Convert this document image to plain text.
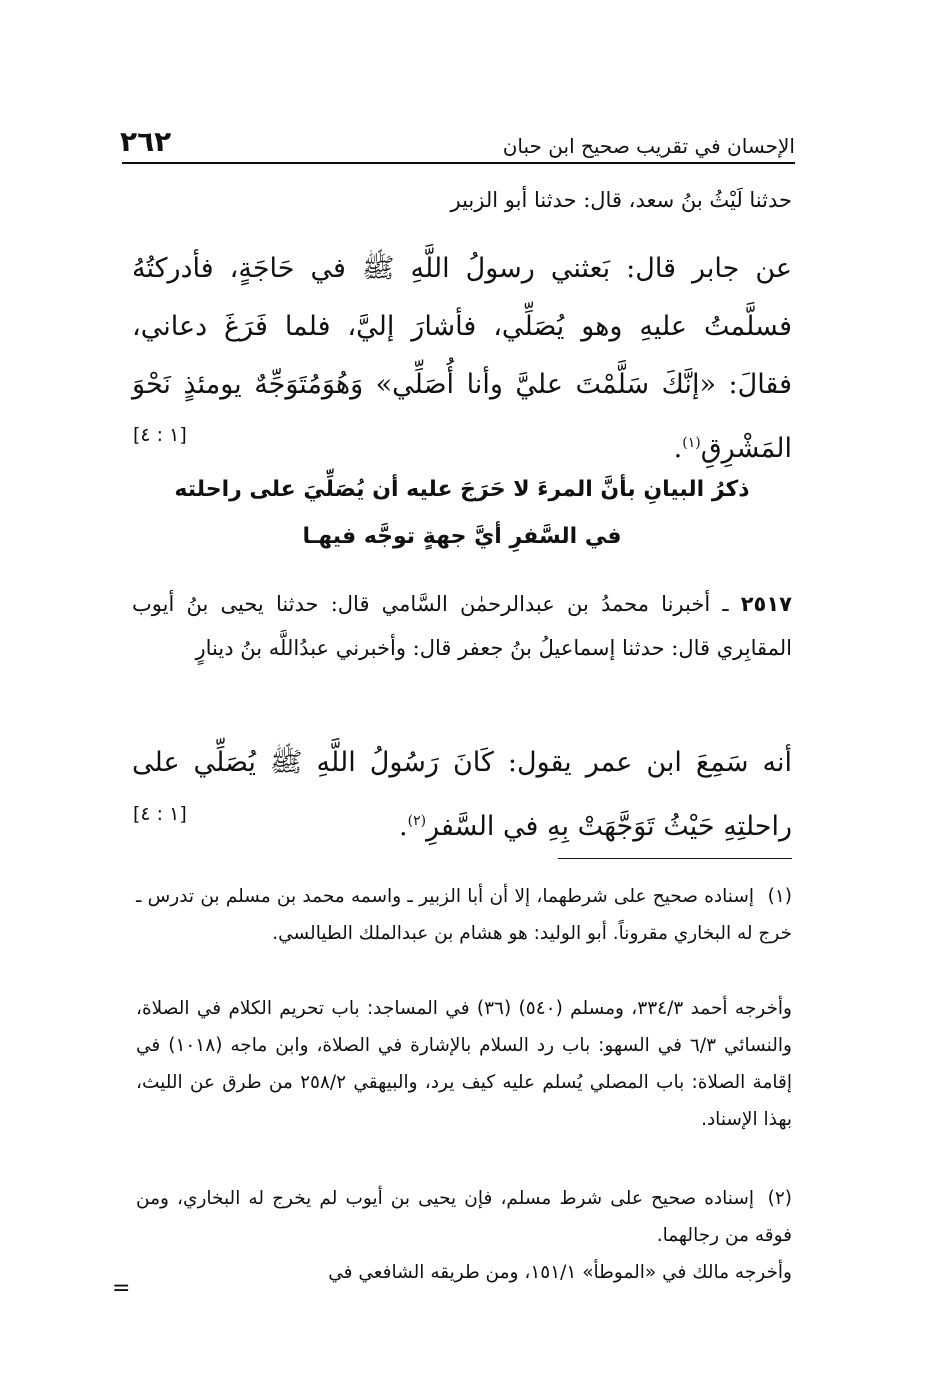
٢٦٢	الإحسان في تقريب صحيح ابن حبان

حدثنا لَيْثُ بنُ سعد، قال: حدثنا أبو الزبير

عن جابر قال: بَعثني رسولُ اللَّهِ ﷺ في حَاجَةٍ، فأدركتُهُ فسلَّمتُ عليهِ وهو يُصَلِّي، فأشارَ إليَّ، فلما فَرَغَ دعاني، فقالَ: «إنَّكَ سَلَّمْتَ عليَّ وأنا أُصَلِّي» وَهُوَمُتَوَجِّهٌ يومئذٍ نَحْوَ المَشْرِقِ$^{(١)}$.

[١ : ٤]

ذكرُ البيانِ بأنَّ المرءَ لا حَرَجَ عليه أن يُصَلِّيَ على راحلته

في السَّفرِ أيَّ جهةٍ توجَّه فيهـا

٢٥١٧ ـ أخبرنا محمدُ بن عبدالرحمٰن السَّامي قال: حدثنا يحيى بنُ أيوب المقابِري قال: حدثنا إسماعيلُ بنُ جعفر قال: وأخبرني عبدُاللَّه بنُ دينارٍ

أنه سَمِعَ ابن عمر يقول: كَانَ رَسُولُ اللَّهِ ﷺ يُصَلِّي على راحلتِهِ حَيْثُ تَوَجَّهَتْ بِهِ في السَّفرِ$^{(٢)}$.

[١ : ٤]

(١)إسناده صحيح على شرطهما، إلا أن أبا الزبير ـ واسمه محمد بن مسلم بن تدرس ـ خرج له البخاري مقروناً. أبو الوليد: هو هشام بن عبدالملك الطيالسي.

وأخرجه أحمد ٣٣٤/٣، ومسلم (٥٤٠) (٣٦) في المساجد: باب تحريم الكلام في الصلاة، والنسائي ٦/٣ في السهو: باب رد السلام بالإشارة في الصلاة، وابن ماجه (١٠١٨) في إقامة الصلاة: باب المصلي يُسلم عليه كيف يرد، والبيهقي ٢٥٨/٢ من طرق عن الليث، بهذا الإسناد.

(٢)إسناده صحيح على شرط مسلم، فإن يحيى بن أيوب لم يخرج له البخاري، ومن فوقه من رجالهما.

وأخرجه مالك في «الموطأ» ١٥١/١، ومن طريقه الشافعي في

=
